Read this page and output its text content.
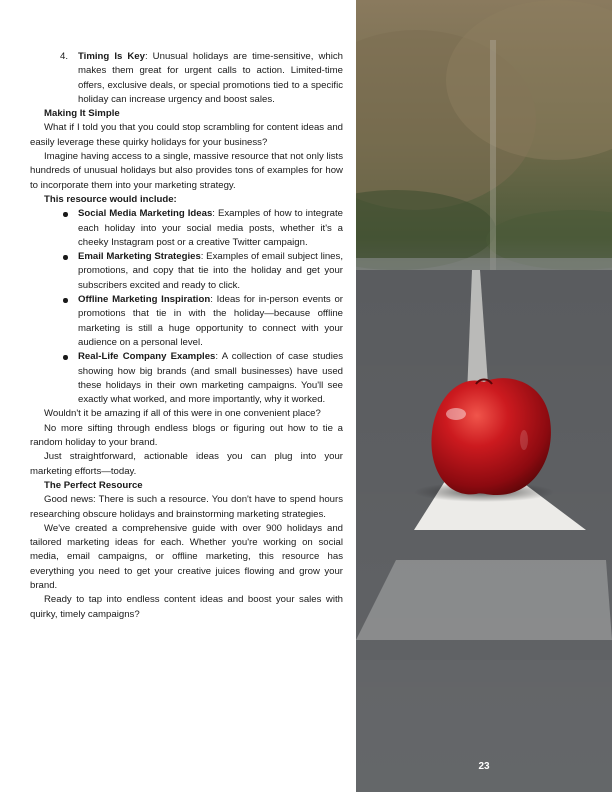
4. Timing Is Key: Unusual holidays are time-sensitive, which makes them great for urgent calls to action. Limited-time offers, exclusive deals, or special promotions tied to a specific holiday can increase urgency and boost sales.
Making It Simple

What if I told you that you could stop scrambling for content ideas and easily leverage these quirky holidays for your business?

Imagine having access to a single, massive resource that not only lists hundreds of unusual holidays but also provides tons of examples for how to incorporate them into your marketing strategy.

This resource would include:
Social Media Marketing Ideas: Examples of how to integrate each holiday into your social media posts, whether it's a cheeky Instagram post or a creative Twitter campaign.
Email Marketing Strategies: Examples of email subject lines, promotions, and copy that tie into the holiday and get your subscribers excited and ready to click.
Offline Marketing Inspiration: Ideas for in-person events or promotions that tie in with the holiday—because offline marketing is still a huge opportunity to connect with your audience on a personal level.
Real-Life Company Examples: A collection of case studies showing how big brands (and small businesses) have used these holidays in their own marketing campaigns. You'll see exactly what worked, and more importantly, why it worked.

Wouldn't it be amazing if all of this were in one convenient place?

No more sifting through endless blogs or figuring out how to tie a random holiday to your brand.

Just straightforward, actionable ideas you can plug into your marketing efforts—today.

The Perfect Resource

Good news: There is such a resource. You don't have to spend hours researching obscure holidays and brainstorming marketing strategies.

We've created a comprehensive guide with over 900 holidays and tailored marketing ideas for each. Whether you're working on social media, email campaigns, or offline marketing, this resource has everything you need to get your creative juices flowing and grow your brand.

Ready to tap into endless content ideas and boost your sales with quirky, timely campaigns?

23
